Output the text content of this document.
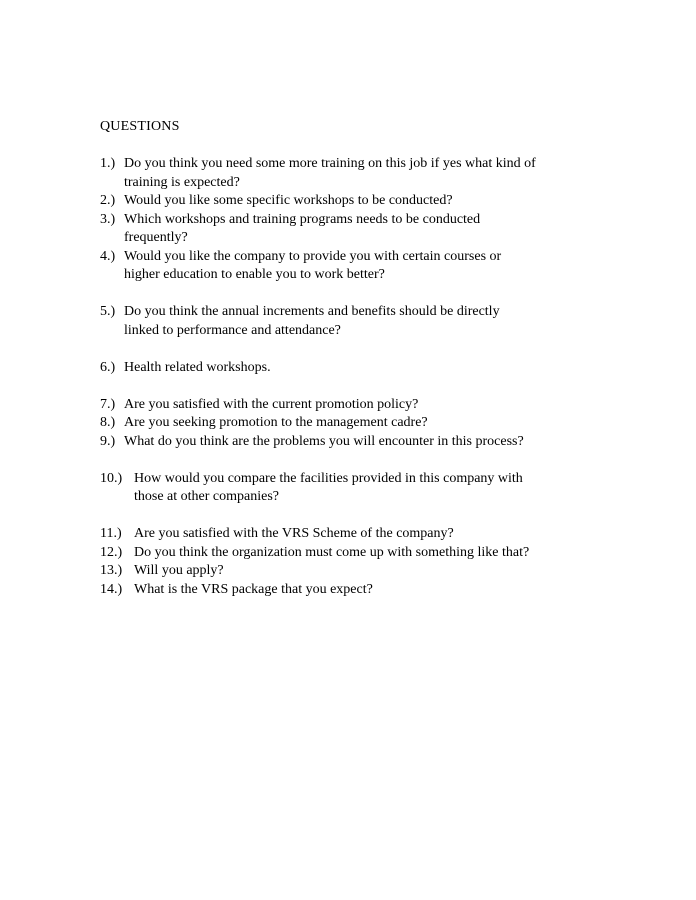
QUESTIONS
1.) Do you think you need some more training on this job if yes what kind of
training is expected?
2.) Would you like some specific workshops to be conducted?
3.) Which workshops and training programs needs to be conducted
frequently?
4.) Would you like the company to provide you with certain courses or
higher education to enable you to work better?
5.) Do you think the annual increments and benefits should be directly
linked to performance and attendance?
6.) Health related workshops.
7.) Are you satisfied with the current promotion policy?
8.) Are you seeking promotion to the management cadre?
9.) What do you think are the problems you will encounter in this process?
10.) How would you compare the facilities provided in this company with
those at other companies?
11.) Are you satisfied with the VRS Scheme of the company?
12.) Do you think the organization must come up with something like that?
13.) Will you apply?
14.) What is the VRS package that you expect?
